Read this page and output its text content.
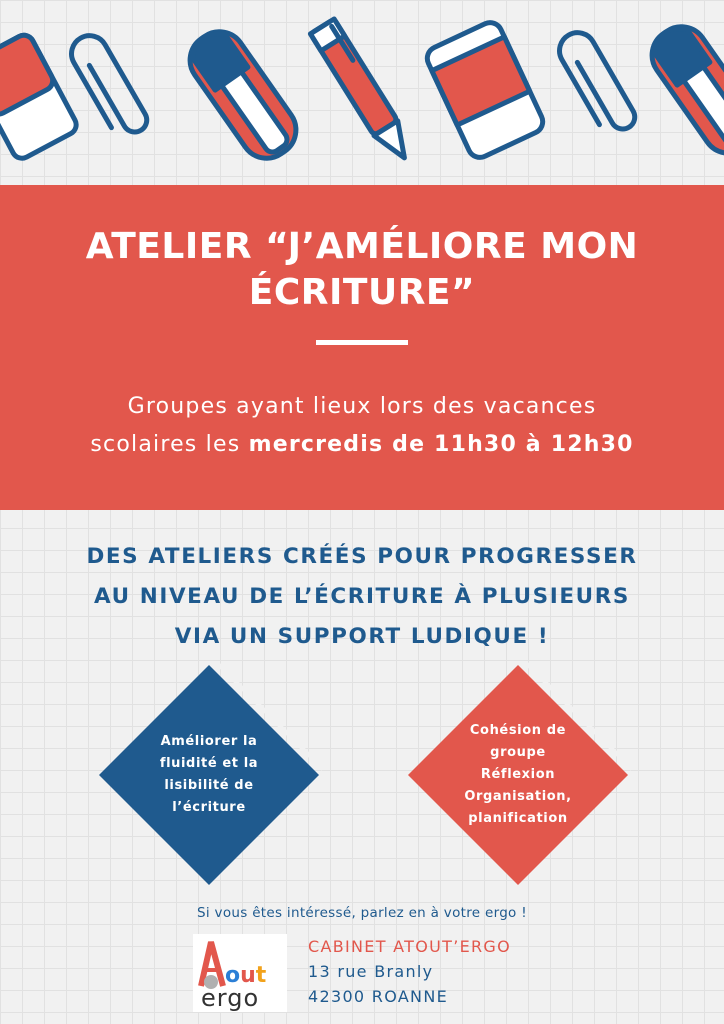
ATELIER “J’AMÉLIORE MON
ÉCRITURE”
Groupes ayant lieux lors des vacances
scolaires les mercredis de 11h30 à 12h30
DES ATELIERS CRÉÉS POUR PROGRESSER
AU NIVEAU DE L’ÉCRITURE À PLUSIEURS
VIA UN SUPPORT LUDIQUE !
Améliorer la
fluidité et la
lisibilité de
l’écriture
Cohésion de
groupe
Réflexion
Organisation,
planification
Si vous êtes intéressé, parlez en à votre ergo !
out
ergo
CABINET ATOUT’ERGO
13 rue Branly
42300 ROANNE
